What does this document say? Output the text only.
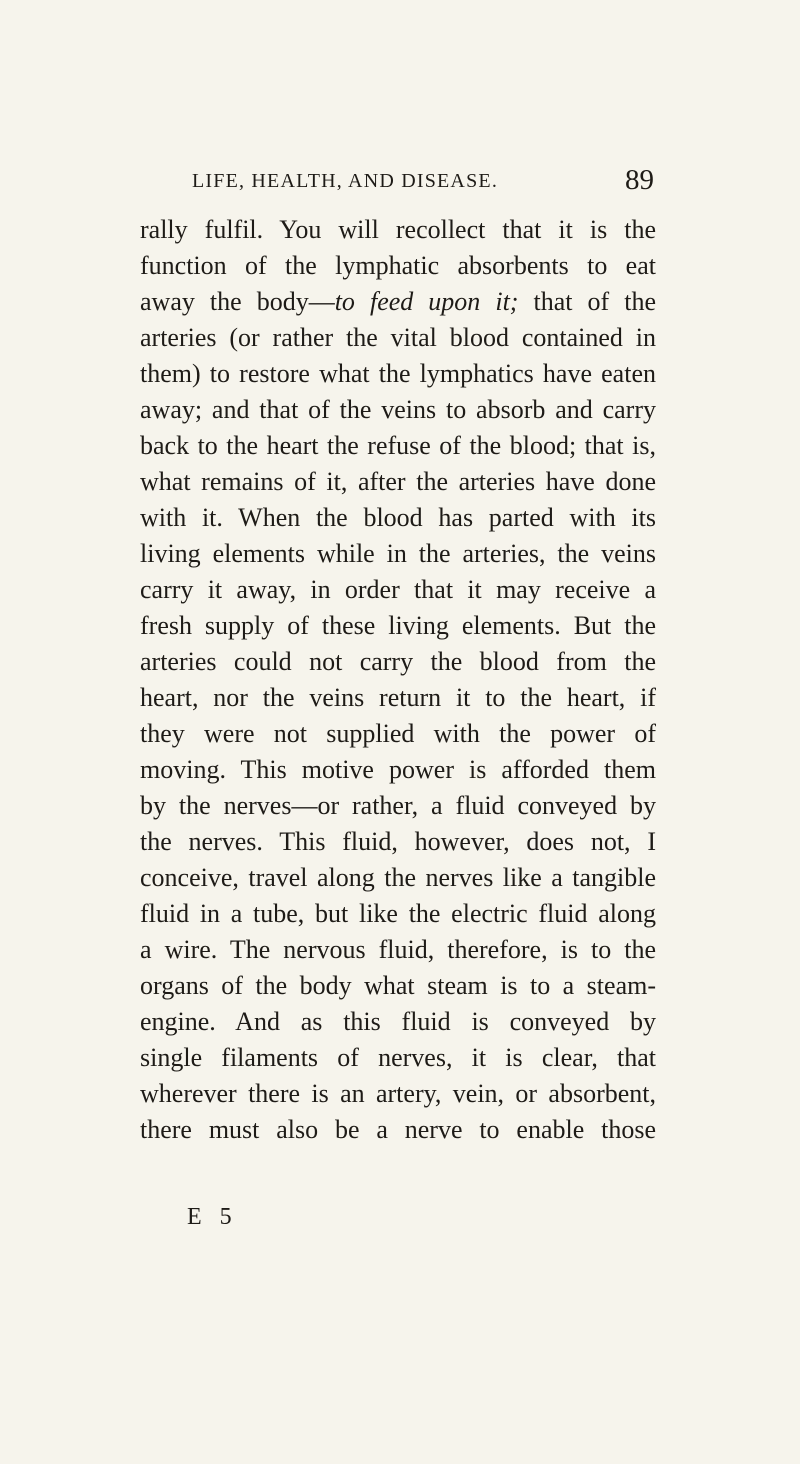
LIFE, HEALTH, AND DISEASE.	89
rally fulfil. You will recollect that it is the
function of the lymphatic absorbents to eat
away the body—to feed upon it; that of the
arteries (or rather the vital blood contained in
them) to restore what the lymphatics have eaten
away; and that of the veins to absorb and carry
back to the heart the refuse of the blood; that is,
what remains of it, after the arteries have done
with it. When the blood has parted with its
living elements while in the arteries, the veins
carry it away, in order that it may receive a
fresh supply of these living elements. But the
arteries could not carry the blood from the
heart, nor the veins return it to the heart, if
they were not supplied with the power of
moving. This motive power is afforded them
by the nerves—or rather, a fluid conveyed by
the nerves. This fluid, however, does not, I
conceive, travel along the nerves like a tangible
fluid in a tube, but like the electric fluid along
a wire. The nervous fluid, therefore, is to the
organs of the body what steam is to a steam-
engine. And as this fluid is conveyed by
single filaments of nerves, it is clear, that
wherever there is an artery, vein, or absorbent,
there must also be a nerve to enable those
E 5
